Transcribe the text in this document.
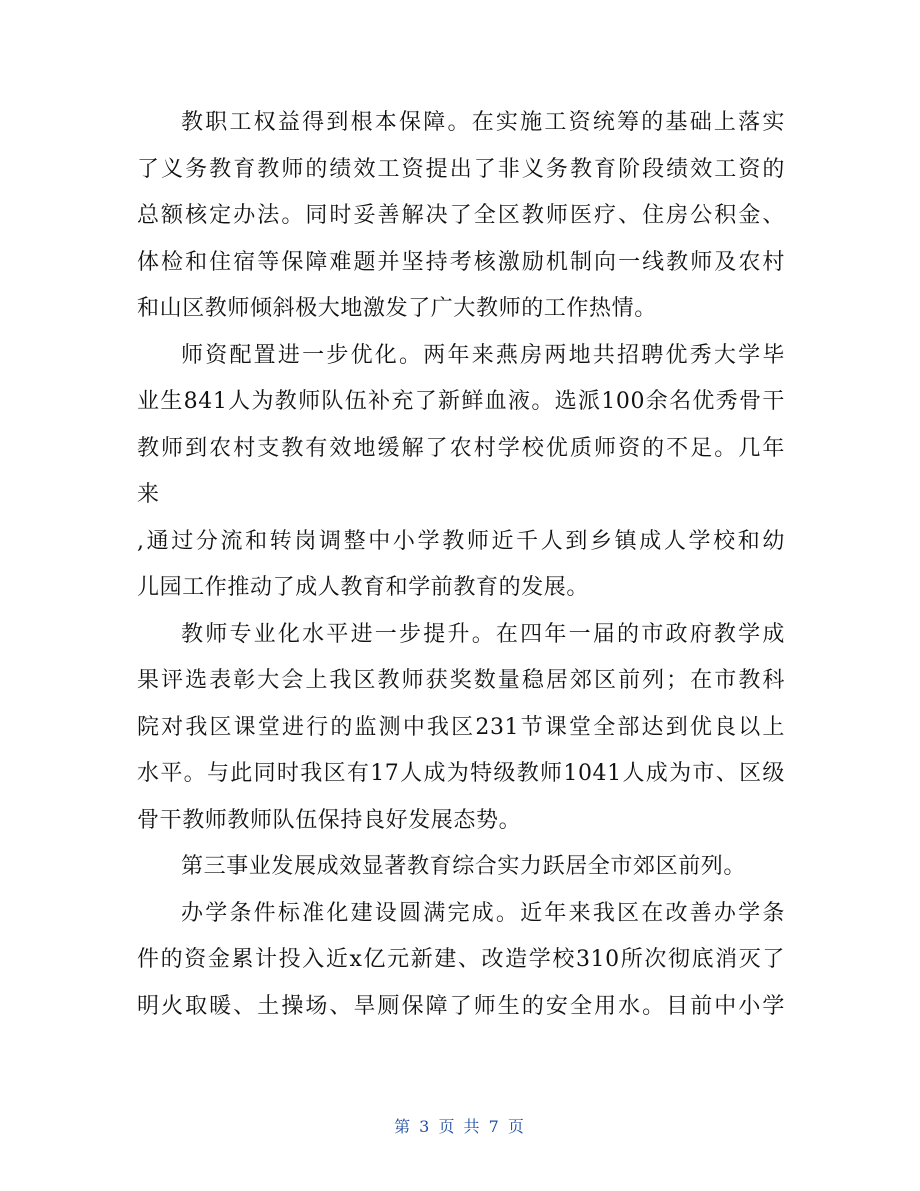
教职工权益得到根本保障。在实施工资统筹的基础上落实
了义务教育教师的绩效工资提出了非义务教育阶段绩效工资的
总额核定办法。同时妥善解决了全区教师医疗、住房公积金、
体检和住宿等保障难题并坚持考核激励机制向一线教师及农村
和山区教师倾斜极大地激发了广大教师的工作热情。
师资配置进一步优化。两年来燕房两地共招聘优秀大学毕
业生841人为教师队伍补充了新鲜血液。选派100余名优秀骨干
教师到农村支教有效地缓解了农村学校优质师资的不足。几年
来
,通过分流和转岗调整中小学教师近千人到乡镇成人学校和幼
儿园工作推动了成人教育和学前教育的发展。
教师专业化水平进一步提升。在四年一届的市政府教学成
果评选表彰大会上我区教师获奖数量稳居郊区前列；在市教科
院对我区课堂进行的监测中我区231节课堂全部达到优良以上
水平。与此同时我区有17人成为特级教师1041人成为市、区级
骨干教师教师队伍保持良好发展态势。
第三事业发展成效显著教育综合实力跃居全市郊区前列。
办学条件标准化建设圆满完成。近年来我区在改善办学条
件的资金累计投入近x亿元新建、改造学校310所次彻底消灭了
明火取暖、土操场、旱厕保障了师生的安全用水。目前中小学
第 3 页 共 7 页
